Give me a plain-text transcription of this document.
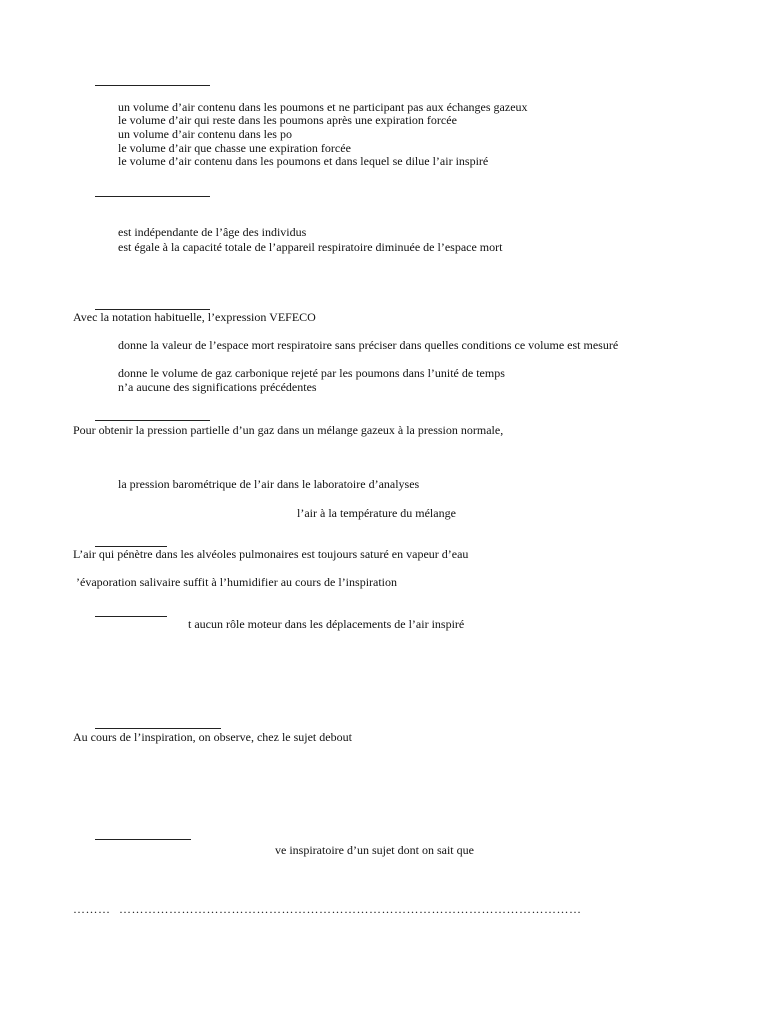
un volume d’air contenu dans les poumons et ne participant pas aux échanges gazeux
le volume d’air qui reste dans les poumons après une expiration forcée
un volume d’air contenu dans les po
le volume d’air que chasse une expiration forcée
le volume d’air contenu dans les poumons et dans lequel se dilue l’air inspiré
est indépendante de l’âge des individus
est égale à la capacité totale de l’appareil respiratoire diminuée de l’espace mort
Avec la notation habituelle, l’expression VEFECO
donne la valeur de l’espace mort respiratoire sans préciser dans quelles conditions ce volume est mesuré
donne le volume de gaz carbonique rejeté par les poumons dans l’unité de temps
n’a aucune des significations précédentes
Pour obtenir la pression partielle d’un gaz dans un mélange gazeux à la pression normale,
la pression barométrique de l’air dans le laboratoire d’analyses
l’air à la température du mélange
L’air qui pénètre dans les alvéoles pulmonaires est toujours saturé en vapeur d’eau
’évaporation salivaire suffit à l’humidifier au cours de l’inspiration
t aucun rôle moteur dans les déplacements de l’air inspiré
Au cours de l’inspiration, on observe, chez le sujet debout
ve inspiratoire d’un sujet dont on sait que
……… …………………………………………………………………………………………………
